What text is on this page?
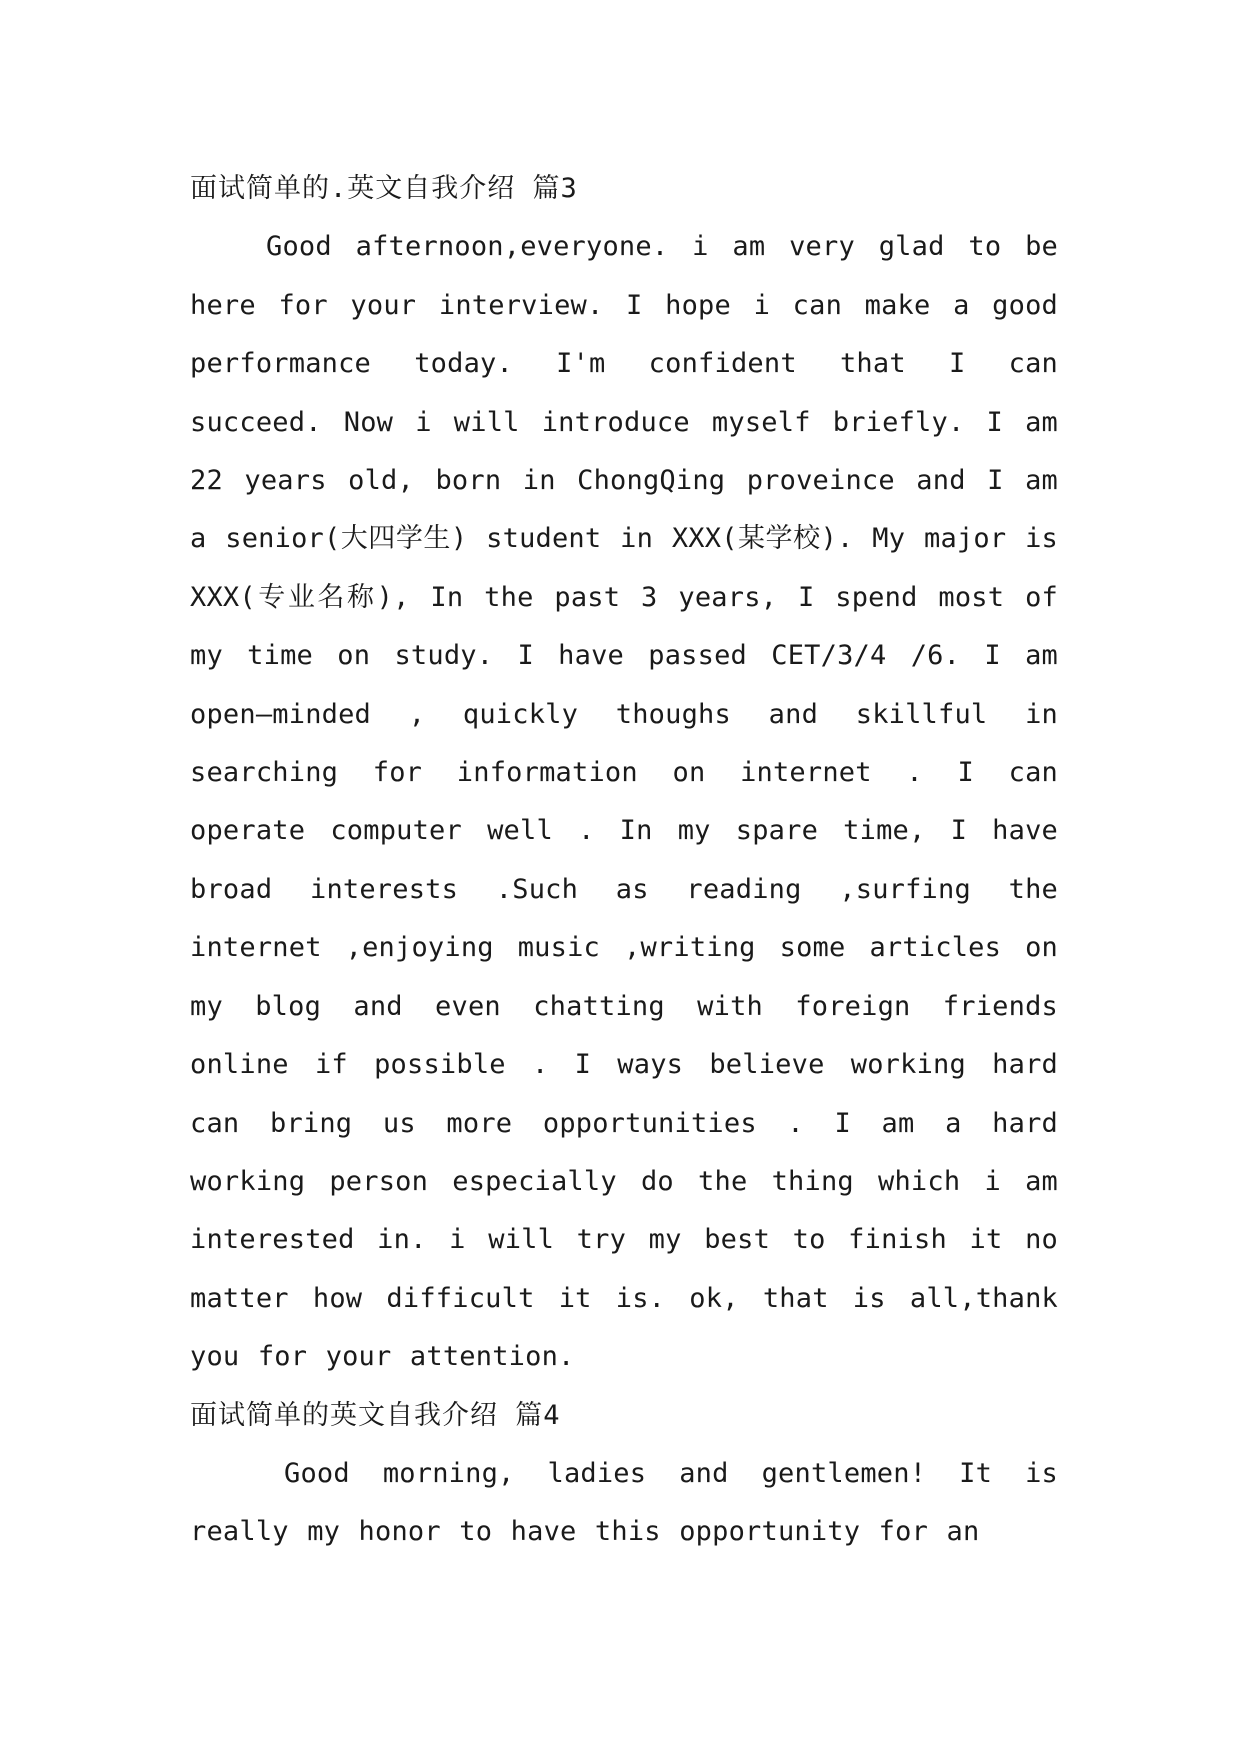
面试简单的.英文自我介绍 篇3

Good afternoon,everyone. i am very glad to be here for your interview. I hope i can make a good performance today. I'm confident that I can succeed. Now i will introduce myself briefly. I am 22 years old, born in ChongQing proveince and I am a senior(大四学生) student in XXX(某学校). My major is XXX(专业名称), In the past 3 years, I spend most of my time on study. I have passed CET/3/4 /6. I am open—minded , quickly thoughs and skillful in searching for information on internet . I can operate computer well . In my spare time, I have broad interests .Such as reading ,surfing the internet ,enjoying music ,writing some articles on my blog and even chatting with foreign friends online if possible . I ways believe working hard can bring us more opportunities . I am a hard working person especially do the thing which i am interested in. i will try my best to finish it no matter how difficult it is. ok, that is all,thank you for your attention.

面试简单的英文自我介绍 篇4

Good morning, ladies and gentlemen! It is really my honor to have this opportunity for an
